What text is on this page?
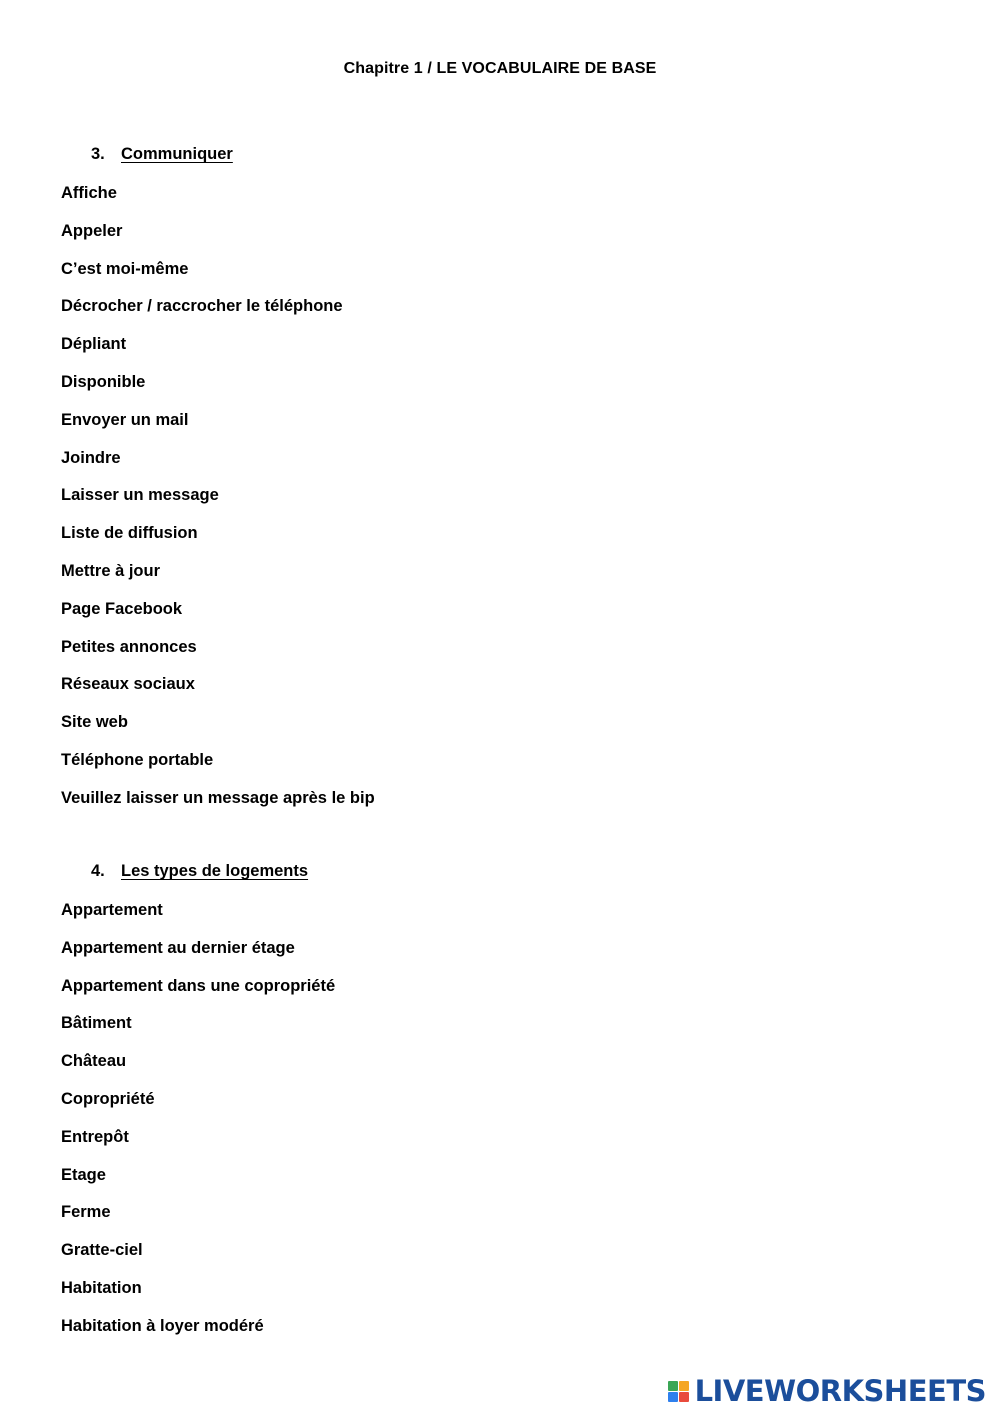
Chapitre 1 / LE VOCABULAIRE DE BASE
3. Communiquer
Affiche
Appeler
C’est moi-même
Décrocher / raccrocher le téléphone
Dépliant
Disponible
Envoyer un mail
Joindre
Laisser un message
Liste de diffusion
Mettre à jour
Page Facebook
Petites annonces
Réseaux sociaux
Site web
Téléphone portable
Veuillez laisser un message après le bip
4. Les types de logements
Appartement
Appartement au dernier étage
Appartement dans une copropriété
Bâtiment
Château
Copropriété
Entrepôt
Etage
Ferme
Gratte-ciel
Habitation
Habitation à loyer modéré
LIVEWORKSHEETS
